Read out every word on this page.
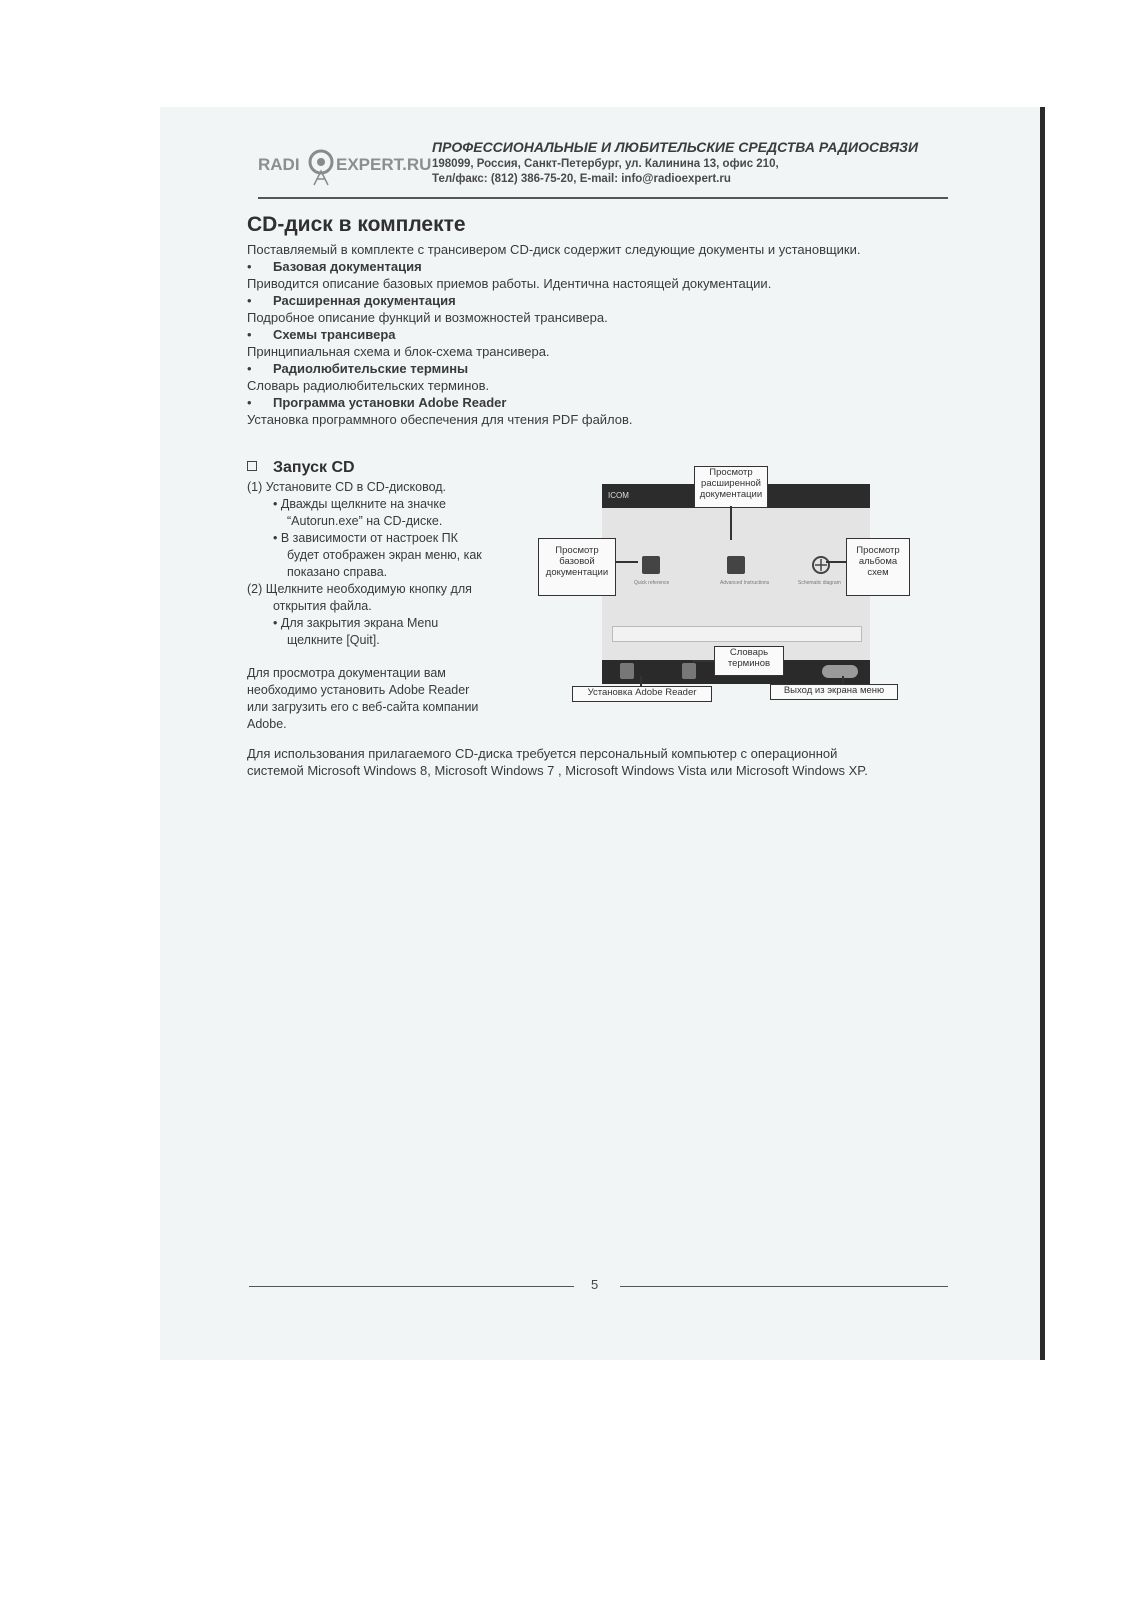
RADI EXPERT.RU
ПРОФЕССИОНАЛЬНЫЕ И ЛЮБИТЕЛЬСКИЕ СРЕДСТВА РАДИОСВЯЗИ
198099, Россия, Санкт-Петербург, ул. Калинина 13, офис 210,
Тел/факс: (812) 386-75-20, E-mail: info@radioexpert.ru
CD-диск в комплекте

Поставляемый в комплекте с трансивером CD-диск содержит следующие документы и установщики.

• Базовая документация

Приводится описание базовых приемов работы. Идентична настоящей документации.

• Расширенная документация

Подробное описание функций и возможностей трансивера.

• Схемы трансивера

Принципиальная схема и блок-схема трансивера.

• Радиолюбительские термины

Словарь радиолюбительских терминов.

• Программа установки Adobe Reader

Установка программного обеспечения для чтения PDF файлов.

Запуск CD

(1) Установите CD в CD-дисковод.

• Дважды щелкните на значке

“Autorun.exe” на CD-диске.

• В зависимости от настроек ПК

будет отображен экран меню, как

показано справа.

(2) Щелкните необходимую кнопку для

открытия файла.

• Для закрытия экрана Menu

щелкните [Quit].

Для просмотра документации вам

необходимо установить Adobe Reader

или загрузить его с веб-сайта компании

Adobe.

ICOM
Quick reference	Advanced Instructions	Schematic diagram
Просмотр
расширенной
документации
Просмотр
базовой
документации
Просмотр
альбома
схем
Словарь
терминов
Установка Adobe Reader	Выход из экрана меню

Для использования прилагаемого CD-диска требуется персональный компьютер с операционной

системой Microsoft Windows 8, Microsoft Windows 7 , Microsoft Windows Vista или Microsoft Windows XP.

5
